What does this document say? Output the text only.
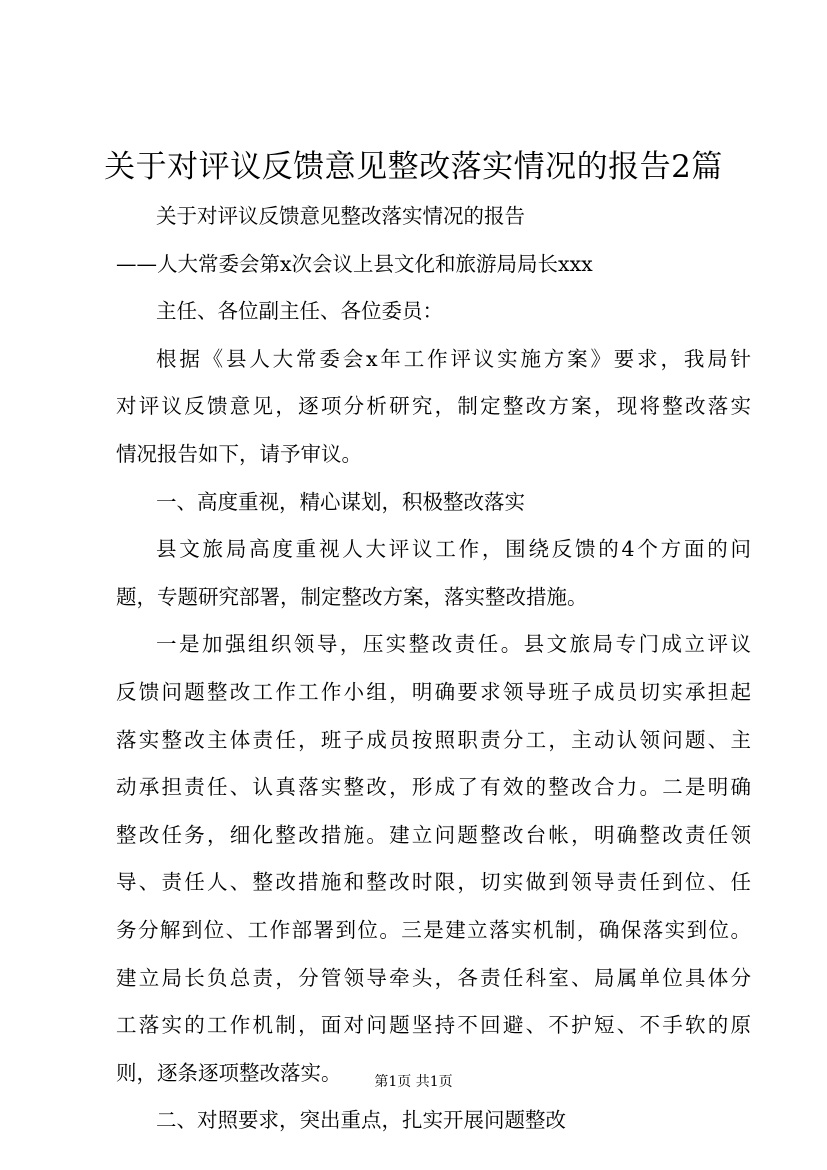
关于对评议反馈意见整改落实情况的报告2篇
关于对评议反馈意见整改落实情况的报告
——人大常委会第x次会议上县文化和旅游局局长xxx
主任、各位副主任、各位委员：
根据《县人大常委会x年工作评议实施方案》要求，我局针
对评议反馈意见，逐项分析研究，制定整改方案，现将整改落实
情况报告如下，请予审议。
一、高度重视，精心谋划，积极整改落实
县文旅局高度重视人大评议工作，围绕反馈的4个方面的问
题，专题研究部署，制定整改方案，落实整改措施。
一是加强组织领导，压实整改责任。县文旅局专门成立评议
反馈问题整改工作工作小组，明确要求领导班子成员切实承担起
落实整改主体责任，班子成员按照职责分工，主动认领问题、主
动承担责任、认真落实整改，形成了有效的整改合力。二是明确
整改任务，细化整改措施。建立问题整改台帐，明确整改责任领
导、责任人、整改措施和整改时限，切实做到领导责任到位、任
务分解到位、工作部署到位。三是建立落实机制，确保落实到位。
建立局长负总责，分管领导牵头，各责任科室、局属单位具体分
工落实的工作机制，面对问题坚持不回避、不护短、不手软的原
则，逐条逐项整改落实。
二、对照要求，突出重点，扎实开展问题整改
第1页 共1页
